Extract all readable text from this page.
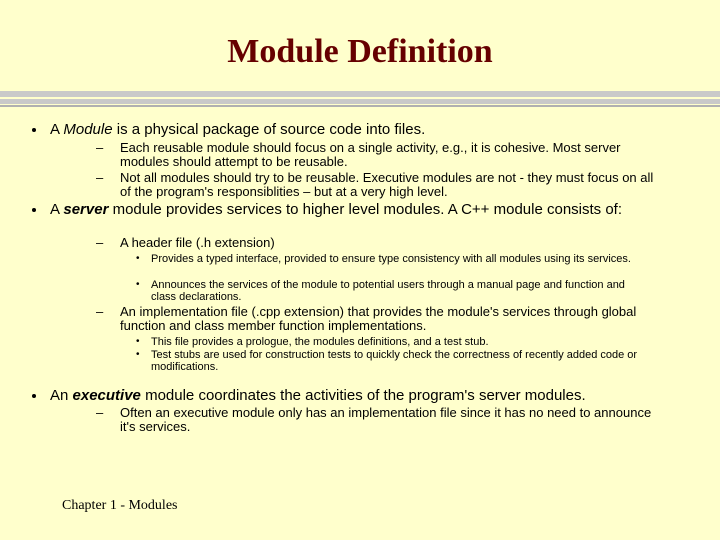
Module Definition
A Module is a physical package of source code into files.
– Each reusable module should focus on a single activity, e.g., it is cohesive. Most server modules should attempt to be reusable.
– Not all modules should try to be reusable. Executive modules are not - they must focus on all of the program's responsiblities – but at a very high level.
A server module provides services to higher level modules. A C++ module consists of:
– A header file (.h extension)
• Provides a typed interface, provided to ensure type consistency with all modules using its services.
• Announces the services of the module to potential users through a manual page and function and class declarations.
– An implementation file (.cpp extension) that provides the module's services through global function and class member function implementations.
• This file provides a prologue, the modules definitions, and a test stub.
• Test stubs are used for construction tests to quickly check the correctness of recently added code or modifications.
An executive module coordinates the activities of the program's server modules.
– Often an executive module only has an implementation file since it has no need to announce it's services.
Chapter 1 - Modules
